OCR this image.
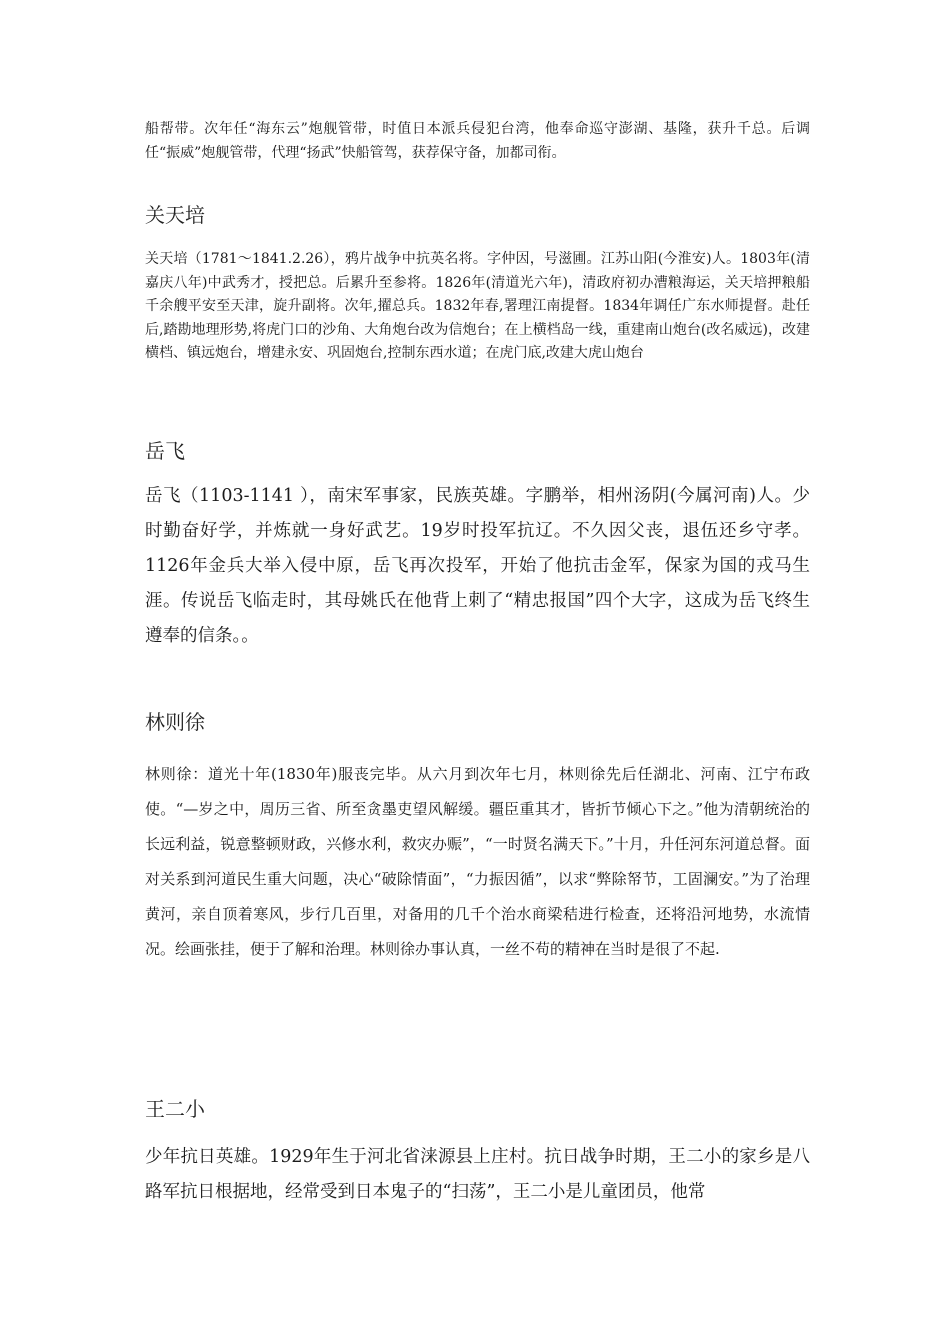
船帮带。次年任“海东云”炮舰管带，时值日本派兵侵犯台湾，他奉命巡守澎湖、基隆，获升千总。后调任“振威”炮舰管带，代理“扬武”快船管驾，获荐保守备，加都司衔。

关天培

关天培（1781～1841.2.26），鸦片战争中抗英名将。字仲因，号滋圃。江苏山阳(今淮安)人。1803年(清嘉庆八年)中武秀才，授把总。后累升至参将。1826年(清道光六年)，清政府初办漕粮海运，关天培押粮船千余艘平安至天津，旋升副将。次年,擢总兵。1832年春,署理江南提督。1834年调任广东水师提督。赴任后,踏勘地理形势,将虎门口的沙角、大角炮台改为信炮台；在上横档岛一线，重建南山炮台(改名威远)，改建横档、镇远炮台，增建永安、巩固炮台,控制东西水道；在虎门底,改建大虎山炮台

岳飞

岳飞（1103-1141 ），南宋军事家，民族英雄。字鹏举，相州汤阴(今属河南)人。少时勤奋好学，并炼就一身好武艺。19岁时投军抗辽。不久因父丧，退伍还乡守孝。1126年金兵大举入侵中原，岳飞再次投军，开始了他抗击金军，保家为国的戎马生涯。传说岳飞临走时，其母姚氏在他背上刺了“精忠报国”四个大字，这成为岳飞终生遵奉的信条。。

林则徐

林则徐：道光十年(1830年)服丧完毕。从六月到次年七月，林则徐先后任湖北、河南、江宁布政使。“—岁之中，周历三省、所至贪墨吏望风解缓。疆臣重其才，皆折节倾心下之。”他为清朝统治的长远利益，锐意整顿财政，兴修水利，救灾办赈”，“一时贤名满天下。”十月，升任河东河道总督。面对关系到河道民生重大问题，决心“破除情面”，“力振因循”，以求“弊除帑节，工固澜安。”为了治理黄河，亲自顶着寒风，步行几百里，对备用的几千个治水商梁秸进行检查，还将沿河地势，水流情况。绘画张挂，便于了解和治理。林则徐办事认真，一丝不苟的精神在当时是很了不起.

王二小

少年抗日英雄。1929年生于河北省涞源县上庄村。抗日战争时期，王二小的家乡是八路军抗日根据地，经常受到日本鬼子的“扫荡”，王二小是儿童团员，他常
